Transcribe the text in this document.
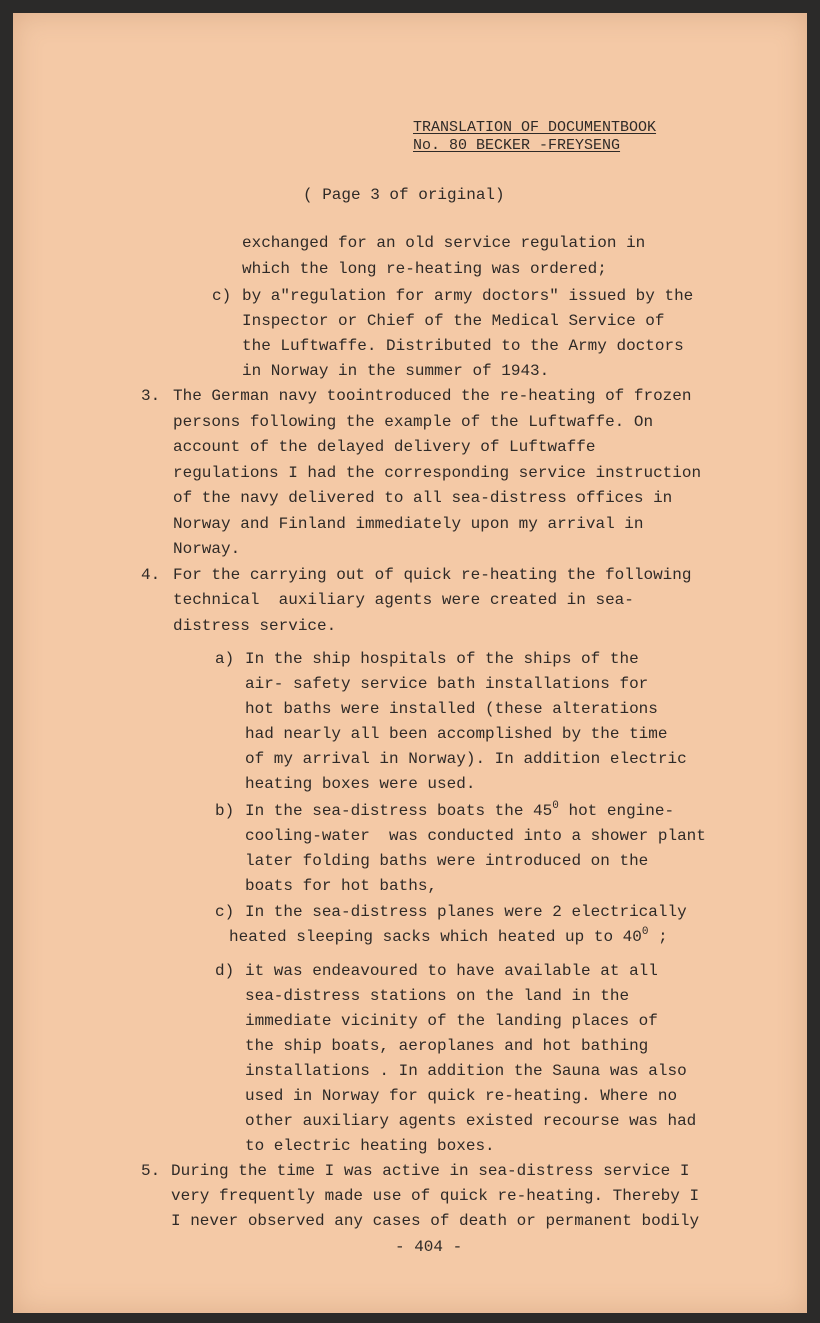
TRANSLATION OF DOCUMENTBOOK
No. 80 BECKER -FREYSENG
( Page 3 of original)
exchanged for an old service regulation in
which the long re-heating was ordered;
c) by a"regulation for army doctors" issued by the
Inspector or Chief of the Medical Service of
the Luftwaffe. Distributed to the Army doctors
in Norway in the summer of 1943.
3. The German navy toointroduced the re-heating of frozen
persons following the example of the Luftwaffe. On
account of the delayed delivery of Luftwaffe
regulations I had the corresponding service instruction
of the navy delivered to all sea-distress offices in
Norway and Finland immediately upon my arrival in
Norway.
4. For the carrying out of quick re-heating the following
technical  auxiliary agents were created in sea-
distress service.
a) In the ship hospitals of the ships of the
air- safety service bath installations for
hot baths were installed (these alterations
had nearly all been accomplished by the time
of my arrival in Norway). In addition electric
heating boxes were used.
b) In the sea-distress boats the $45^0$ hot engine-
cooling-water  was conducted into a shower plant
later folding baths were introduced on the
boats for hot baths,
c) In the sea-distress planes were 2 electrically
heated sleeping sacks which heated up to $40^0$ ;
d) it was endeavoured to have available at all
sea-distress stations on the land in the
immediate vicinity of the landing places of
the ship boats, aeroplanes and hot bathing
installations . In addition the Sauna was also
used in Norway for quick re-heating. Where no
other auxiliary agents existed recourse was had
to electric heating boxes.
5. During the time I was active in sea-distress service I
very frequently made use of quick re-heating. Thereby I
I never observed any cases of death or permanent bodily
- 404 -
